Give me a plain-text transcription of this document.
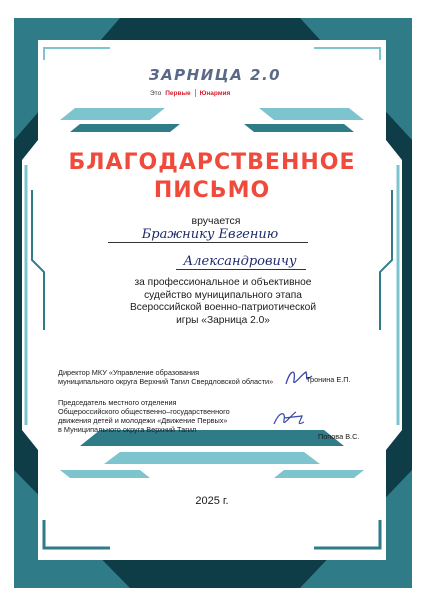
ЗАРНИЦА 2.0
Это Первые Юнармия
БЛАГОДАРСТВЕННОЕ
ПИСЬМО
вручается
Бражнику Евгению
Александровичу
за профессиональное и объективное
судейство муниципального этапа
Всероссийской военно-патриотической
игры «Зарница 2.0»
Директор МКУ «Управление образования
муниципального округа Верхний Тагил Свердловской области»	Тронина Е.П.
Председатель местного отделения
Общероссийского общественно–государственного
движения детей и молодежи «Движение Первых»
в Муниципального округа Верхний Тагил
Попова В.С.
2025 г.
